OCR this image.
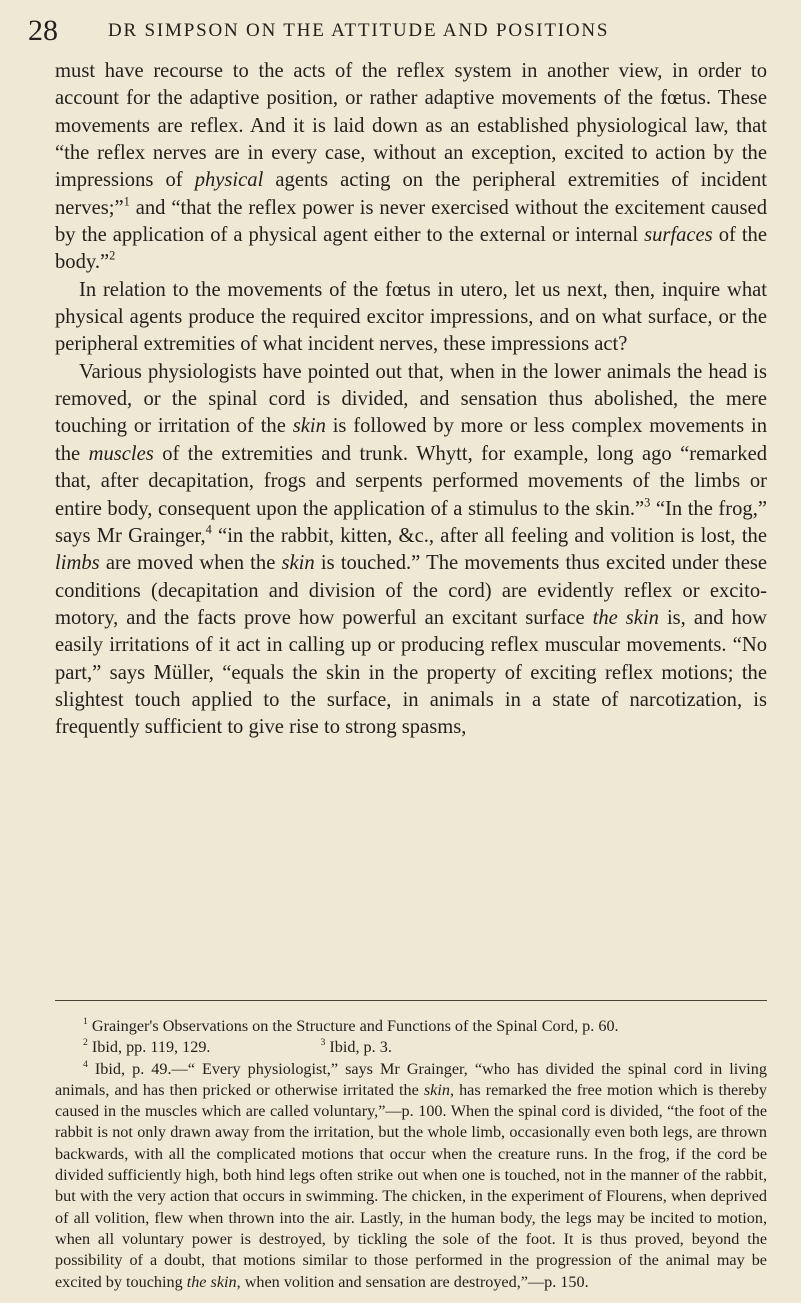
28	DR SIMPSON ON THE ATTITUDE AND POSITIONS

must have recourse to the acts of the reflex system in another view, in order to account for the adaptive position, or rather adaptive movements of the fœtus. These movements are reflex. And it is laid down as an established physiological law, that “the reflex nerves are in every case, without an exception, excited to action by the impressions of physical agents acting on the peripheral extremities of incident nerves;”$^1$ and “that the reflex power is never exercised without the excitement caused by the application of a physical agent either to the external or internal surfaces of the body.”$^2$

In relation to the movements of the fœtus in utero, let us next, then, inquire what physical agents produce the required excitor impressions, and on what surface, or the peripheral extremities of what incident nerves, these impressions act?

Various physiologists have pointed out that, when in the lower animals the head is removed, or the spinal cord is divided, and sensation thus abolished, the mere touching or irritation of the skin is followed by more or less complex movements in the muscles of the extremities and trunk. Whytt, for example, long ago “remarked that, after decapitation, frogs and serpents performed movements of the limbs or entire body, consequent upon the application of a stimulus to the skin.”$^3$ “In the frog,” says Mr Grainger,$^4$ “in the rabbit, kitten, &c., after all feeling and volition is lost, the limbs are moved when the skin is touched.” The movements thus excited under these conditions (decapitation and division of the cord) are evidently reflex or excito-motory, and the facts prove how powerful an excitant surface the skin is, and how easily irritations of it act in calling up or producing reflex muscular movements. “No part,” says Müller, “equals the skin in the property of exciting reflex motions; the slightest touch applied to the surface, in animals in a state of narcotization, is frequently sufficient to give rise to strong spasms,

$^1$ Grainger's Observations on the Structure and Functions of the Spinal Cord, p. 60.

$^2$ Ibid, pp. 119, 129.	$^3$ Ibid, p. 3.

$^4$ Ibid, p. 49.—“ Every physiologist,” says Mr Grainger, “who has divided the spinal cord in living animals, and has then pricked or otherwise irritated the skin, has remarked the free motion which is thereby caused in the muscles which are called voluntary,”—p. 100. When the spinal cord is divided, “the foot of the rabbit is not only drawn away from the irritation, but the whole limb, occasionally even both legs, are thrown backwards, with all the complicated motions that occur when the creature runs. In the frog, if the cord be divided sufficiently high, both hind legs often strike out when one is touched, not in the manner of the rabbit, but with the very action that occurs in swimming. The chicken, in the experiment of Flourens, when deprived of all volition, flew when thrown into the air. Lastly, in the human body, the legs may be incited to motion, when all voluntary power is destroyed, by tickling the sole of the foot. It is thus proved, beyond the possibility of a doubt, that motions similar to those performed in the progression of the animal may be excited by touching the skin, when volition and sensation are destroyed,”—p. 150.
